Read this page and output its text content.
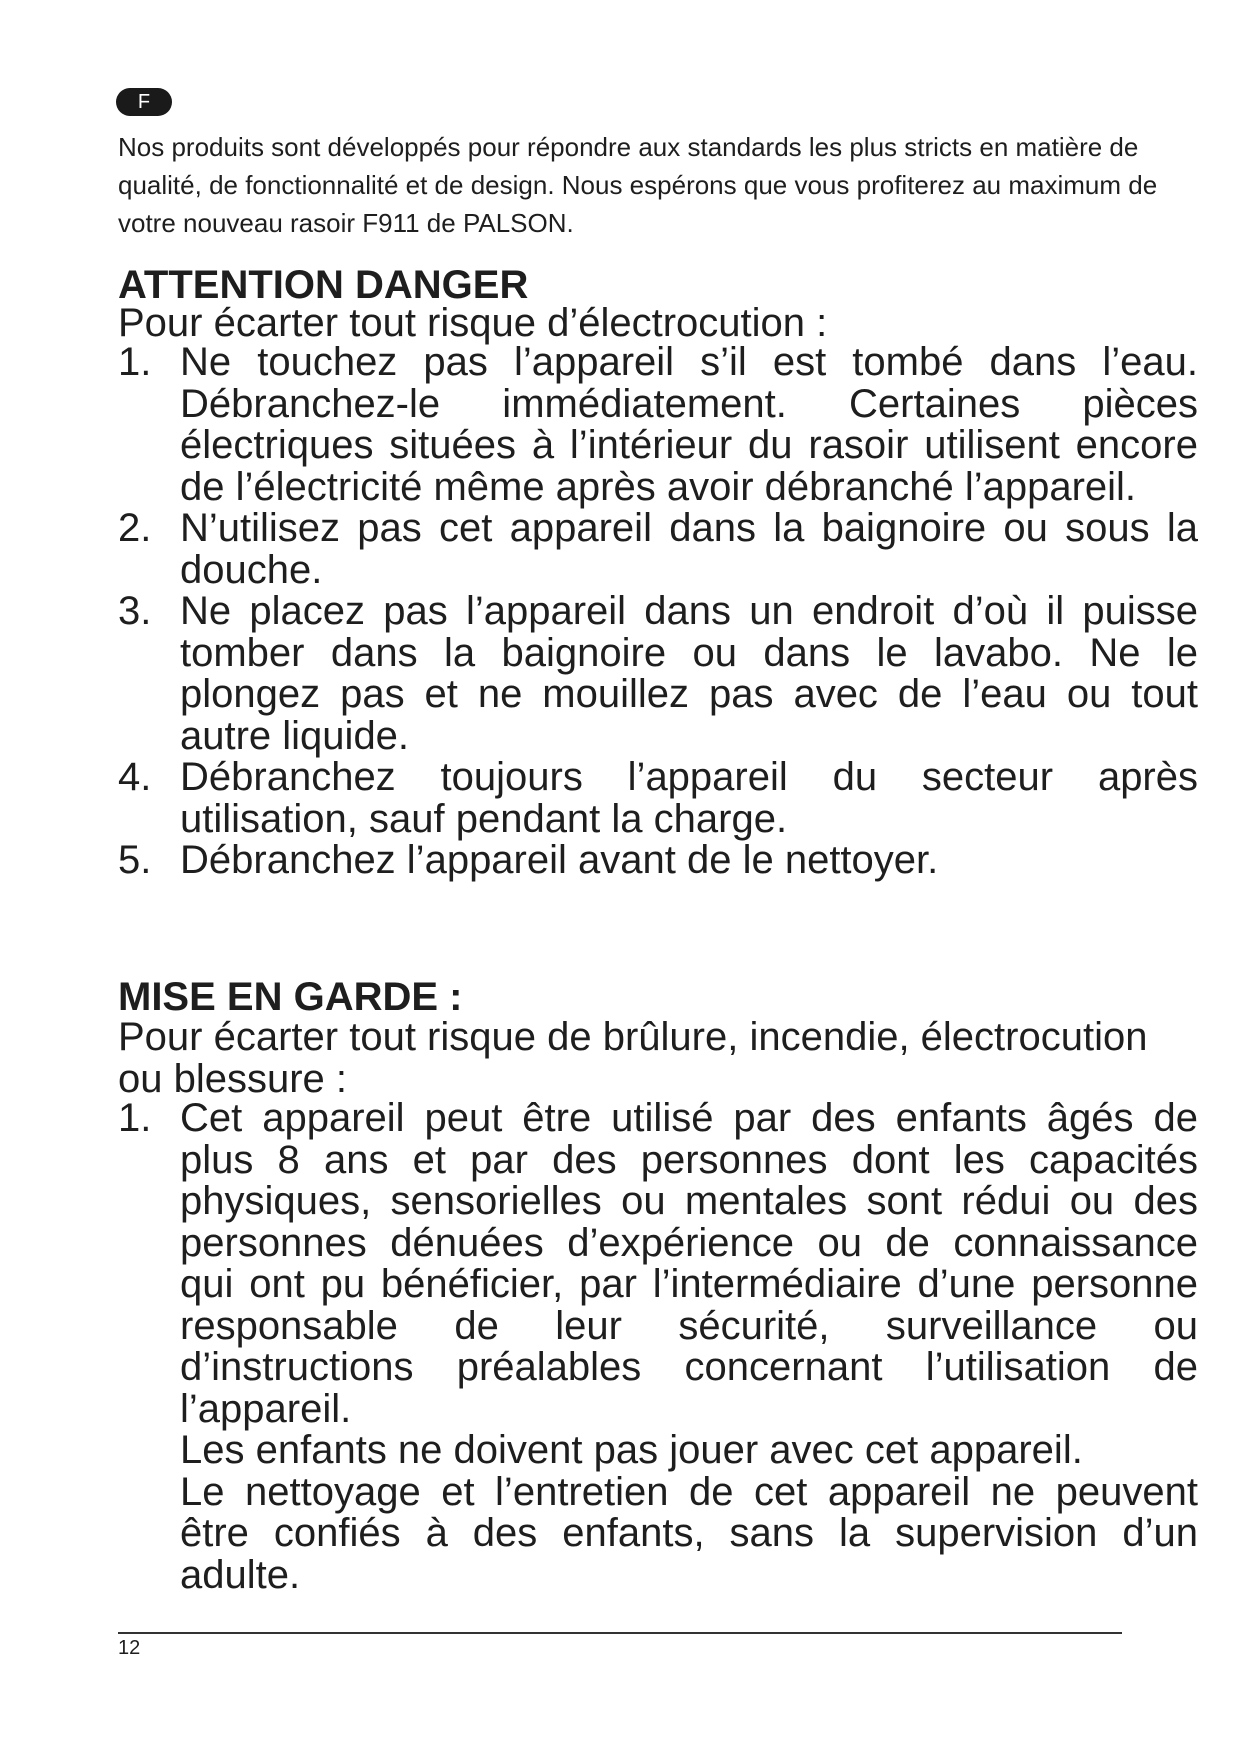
F

Nos produits sont développés pour répondre aux standards les plus stricts en matière de qualité, de fonctionnalité et de design. Nous espérons que vous profiterez au maximum de votre nouveau rasoir F911 de PALSON.

ATTENTION DANGER

Pour écarter tout risque d’électrocution :

1. Ne touchez pas l’appareil s’il est tombé dans l’eau. Débranchez-le immédiatement. Certaines pièces électriques situées à l’intérieur du rasoir utilisent encore de l’électricité même après avoir débranché l’appareil.

2. N’utilisez pas cet appareil dans la baignoire ou sous la douche.

3. Ne placez pas l’appareil dans un endroit d’où il puisse tomber dans la baignoire ou dans le lavabo. Ne le plongez pas et ne mouillez pas avec de l’eau ou tout autre liquide.

4. Débranchez toujours l’appareil du secteur après utilisation, sauf pendant la charge.

5. Débranchez l’appareil avant de le nettoyer.

MISE EN GARDE :

Pour écarter tout risque de brûlure, incendie, électrocution ou blessure :

1. Cet appareil peut être utilisé par des enfants âgés de plus 8 ans et par des personnes dont les capacités physiques, sensorielles ou mentales sont rédui ou des personnes dénuées d’expérience ou de connaissance qui ont pu bénéficier, par l’intermédiaire d’une personne responsable de leur sécurité, surveillance ou d’instructions préalables concernant l’utilisation de l’appareil.

Les enfants ne doivent pas jouer avec cet appareil.

Le nettoyage et l’entretien de cet appareil ne peuvent être confiés à des enfants, sans la supervision d’un adulte.

12
